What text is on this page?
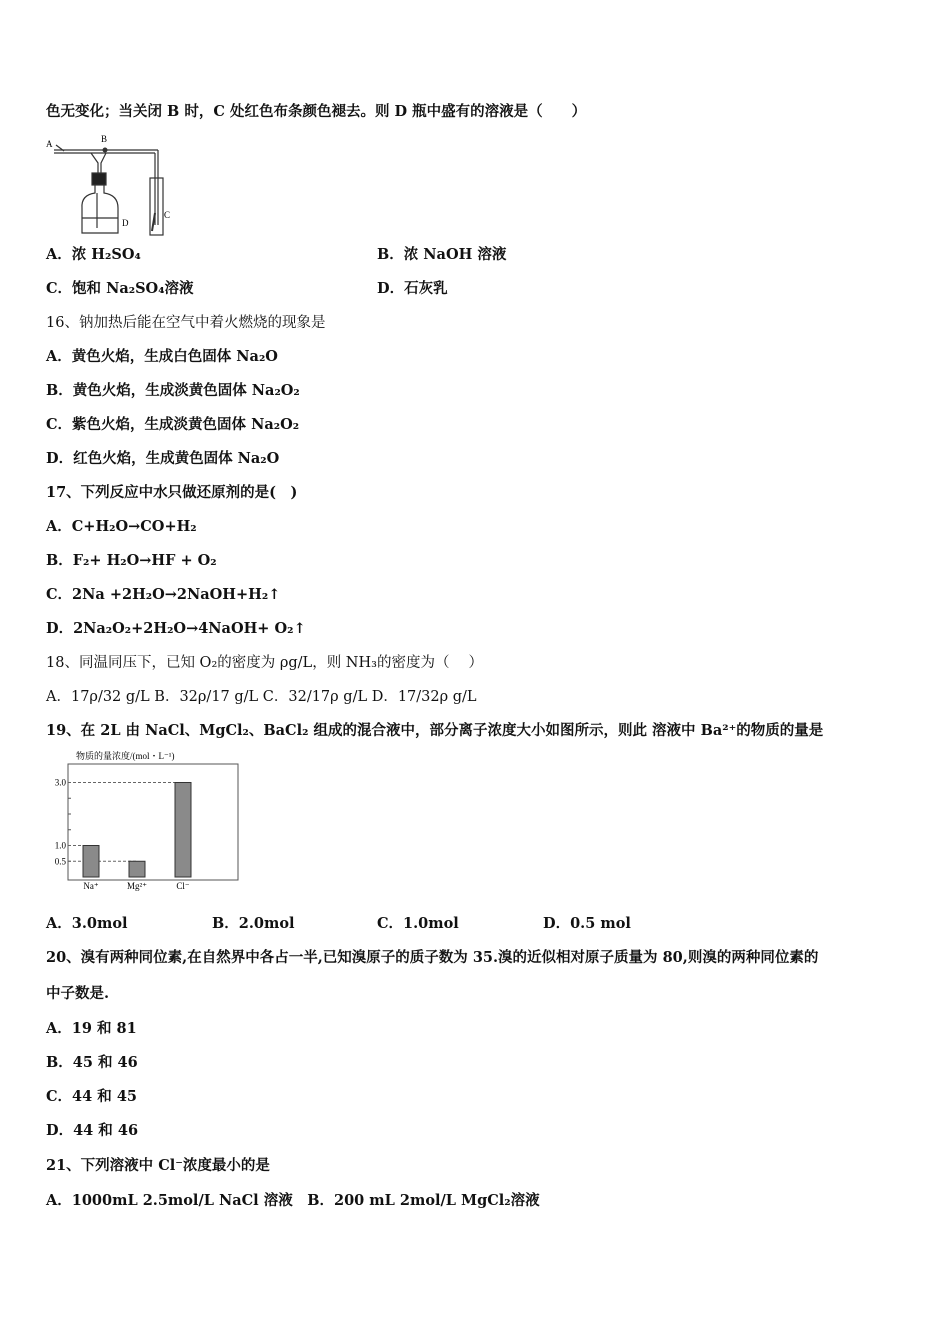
色无变化；当关闭 B 时，C 处红色布条颜色褪去。则 D 瓶中盛有的溶液是（　　）
A	B
C
D
A．浓 H₂SO₄	B．浓 NaOH 溶液
C．饱和 Na₂SO₄溶液	D．石灰乳
16、钠加热后能在空气中着火燃烧的现象是
A．黄色火焰，生成白色固体 Na₂O
B．黄色火焰，生成淡黄色固体 Na₂O₂
C．紫色火焰，生成淡黄色固体 Na₂O₂
D．红色火焰，生成黄色固体 Na₂O
17、下列反应中水只做还原剂的是(　)
A．C+H₂O→CO+H₂
B．F₂+ H₂O→HF + O₂
C．2Na +2H₂O→2NaOH+H₂↑
D．2Na₂O₂+2H₂O→4NaOH+ O₂↑
18、同温同压下，已知 O₂的密度为 ρg/L，则 NH₃的密度为（　 ）
A．17ρ/32 g/L B．32ρ/17 g/L C．32/17ρ g/L D．17/32ρ g/L
19、在 2L 由 NaCl、MgCl₂、BaCl₂ 组成的混合液中，部分离子浓度大小如图所示，则此 溶液中 Ba²⁺的物质的量是
物质的量浓度/(mol・L⁻¹)
3.0
1.0
0.5
Na⁺	Mg²⁺	Cl⁻
A．3.0mol	B．2.0mol	C．1.0mol	D．0.5 mol
20、溴有两种同位素,在自然界中各占一半,已知溴原子的质子数为 35.溴的近似相对原子质量为 80,则溴的两种同位素的
中子数是.
A．19 和 81
B．45 和 46
C．44 和 45
D．44 和 46
21、下列溶液中 Cl⁻浓度最小的是
A．1000mL 2.5mol/L NaCl 溶液　B．200 mL 2mol/L MgCl₂溶液
